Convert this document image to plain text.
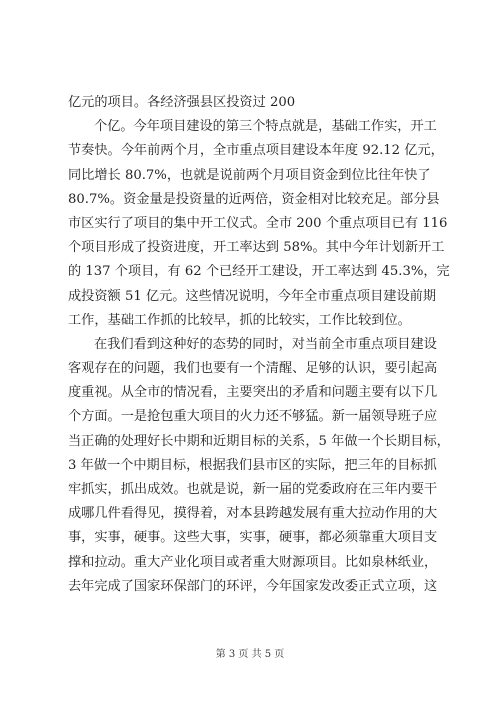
亿元的项目。各经济强县区投资过 200
个亿。今年项目建设的第三个特点就是，基础工作实，开工
节奏快。今年前两个月，全市重点项目建设本年度 92.12 亿元，
同比增长 80.7%，也就是说前两个月项目资金到位比往年快了
80.7%。资金量是投资量的近两倍，资金相对比较充足。部分县
市区实行了项目的集中开工仪式。全市 200 个重点项目已有 116
个项目形成了投资进度，开工率达到 58%。其中今年计划新开工
的 137 个项目，有 62 个已经开工建设，开工率达到 45.3%，完
成投资额 51 亿元。这些情况说明，今年全市重点项目建设前期
工作，基础工作抓的比较早，抓的比较实，工作比较到位。
在我们看到这种好的态势的同时，对当前全市重点项目建设
客观存在的问题，我们也要有一个清醒、足够的认识，要引起高
度重视。从全市的情况看，主要突出的矛盾和问题主要有以下几
个方面。一是抢包重大项目的火力还不够猛。新一届领导班子应
当正确的处理好长中期和近期目标的关系，5 年做一个长期目标，
3 年做一个中期目标，根据我们县市区的实际，把三年的目标抓
牢抓实，抓出成效。也就是说，新一届的党委政府在三年内要干
成哪几件看得见，摸得着，对本县跨越发展有重大拉动作用的大
事，实事，硬事。这些大事，实事，硬事，都必须靠重大项目支
撑和拉动。重大产业化项目或者重大财源项目。比如泉林纸业，
去年完成了国家环保部门的环评，今年国家发改委正式立项，这
第 3 页 共 5 页
